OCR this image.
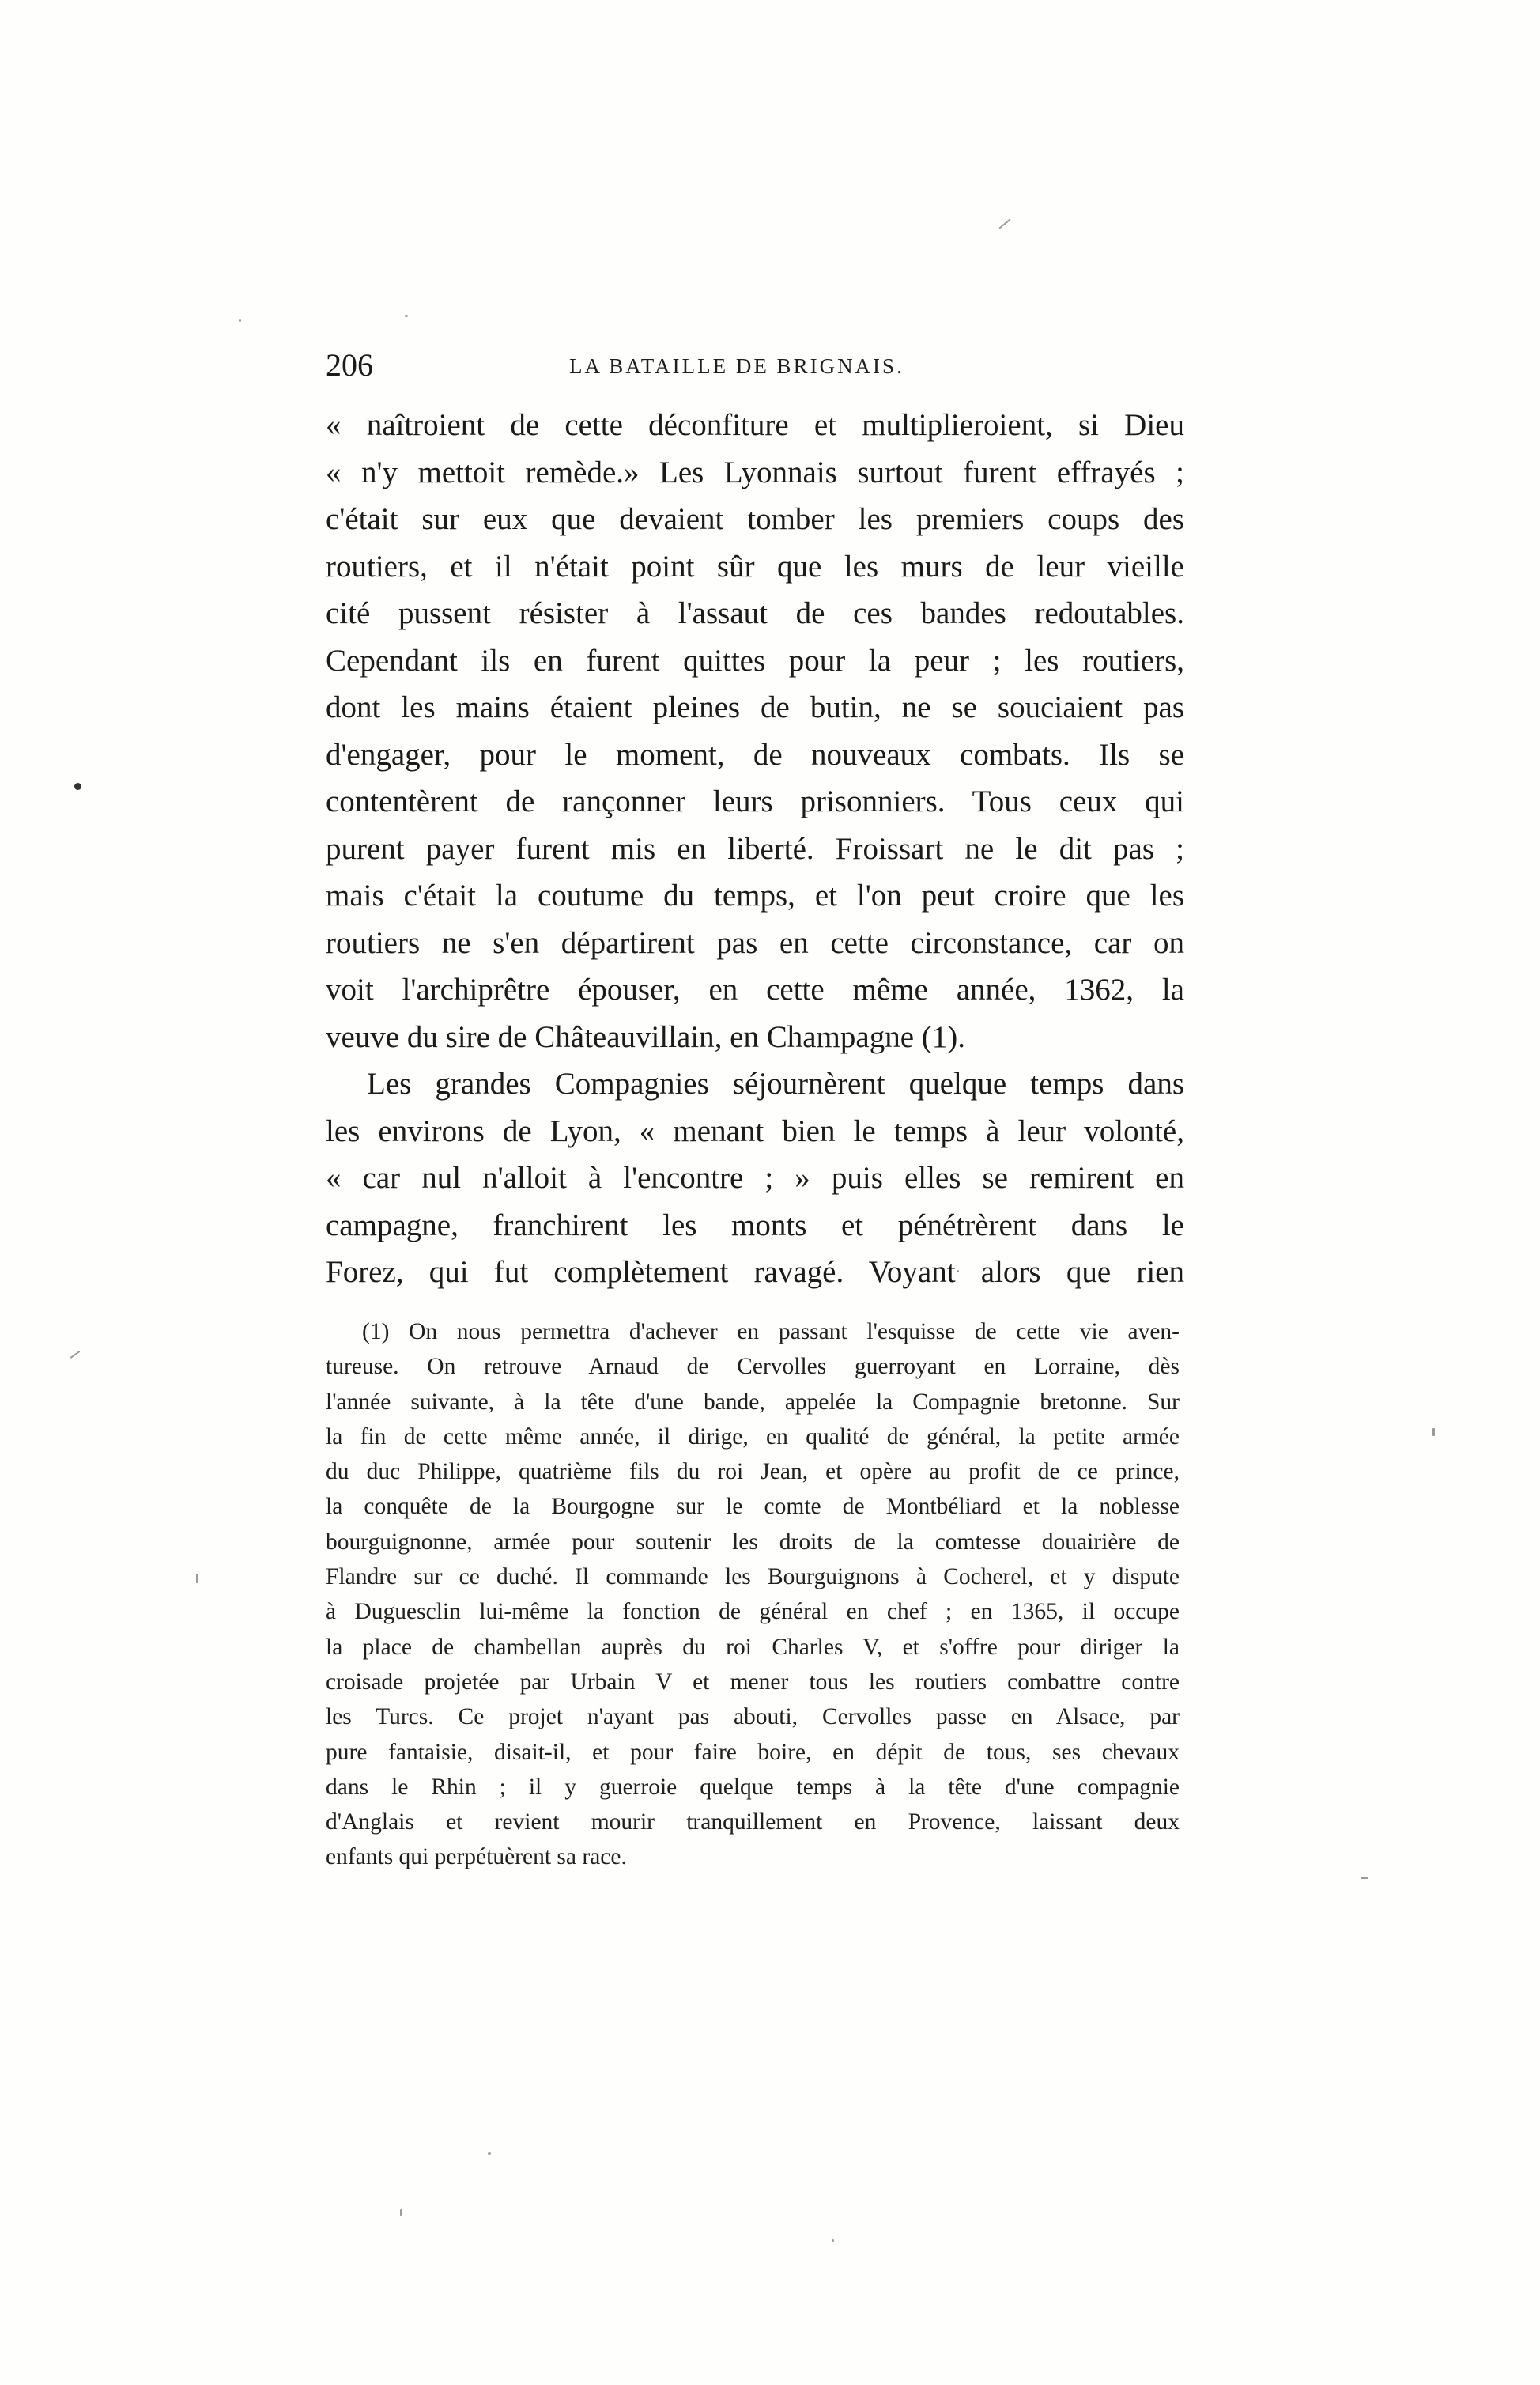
206	LA BATAILLE DE BRIGNAIS.
« naîtroient de cette déconfiture et multiplieroient, si Dieu
« n'y mettoit remède.» Les Lyonnais surtout furent effrayés ;
c'était sur eux que devaient tomber les premiers coups des
routiers, et il n'était point sûr que les murs de leur vieille
cité pussent résister à l'assaut de ces bandes redoutables.
Cependant ils en furent quittes pour la peur ; les routiers,
dont les mains étaient pleines de butin, ne se souciaient pas
d'engager, pour le moment, de nouveaux combats. Ils se
contentèrent de rançonner leurs prisonniers. Tous ceux qui
purent payer furent mis en liberté. Froissart ne le dit pas ;
mais c'était la coutume du temps, et l'on peut croire que les
routiers ne s'en départirent pas en cette circonstance, car on
voit l'archiprêtre épouser, en cette même année, 1362, la
veuve du sire de Châteauvillain, en Champagne (1).
Les grandes Compagnies séjournèrent quelque temps dans
les environs de Lyon, « menant bien le temps à leur volonté,
« car nul n'alloit à l'encontre ; » puis elles se remirent en
campagne, franchirent les monts et pénétrèrent dans le
Forez, qui fut complètement ravagé. Voyant alors que rien
(1) On nous permettra d'achever en passant l'esquisse de cette vie aven-
tureuse. On retrouve Arnaud de Cervolles guerroyant en Lorraine, dès
l'année suivante, à la tête d'une bande, appelée la Compagnie bretonne. Sur
la fin de cette même année, il dirige, en qualité de général, la petite armée
du duc Philippe, quatrième fils du roi Jean, et opère au profit de ce prince,
la conquête de la Bourgogne sur le comte de Montbéliard et la noblesse
bourguignonne, armée pour soutenir les droits de la comtesse douairière de
Flandre sur ce duché. Il commande les Bourguignons à Cocherel, et y dispute
à Duguesclin lui-même la fonction de général en chef ; en 1365, il occupe
la place de chambellan auprès du roi Charles V, et s'offre pour diriger la
croisade projetée par Urbain V et mener tous les routiers combattre contre
les Turcs. Ce projet n'ayant pas abouti, Cervolles passe en Alsace, par
pure fantaisie, disait-il, et pour faire boire, en dépit de tous, ses chevaux
dans le Rhin ; il y guerroie quelque temps à la tête d'une compagnie
d'Anglais et revient mourir tranquillement en Provence, laissant deux
enfants qui perpétuèrent sa race.
